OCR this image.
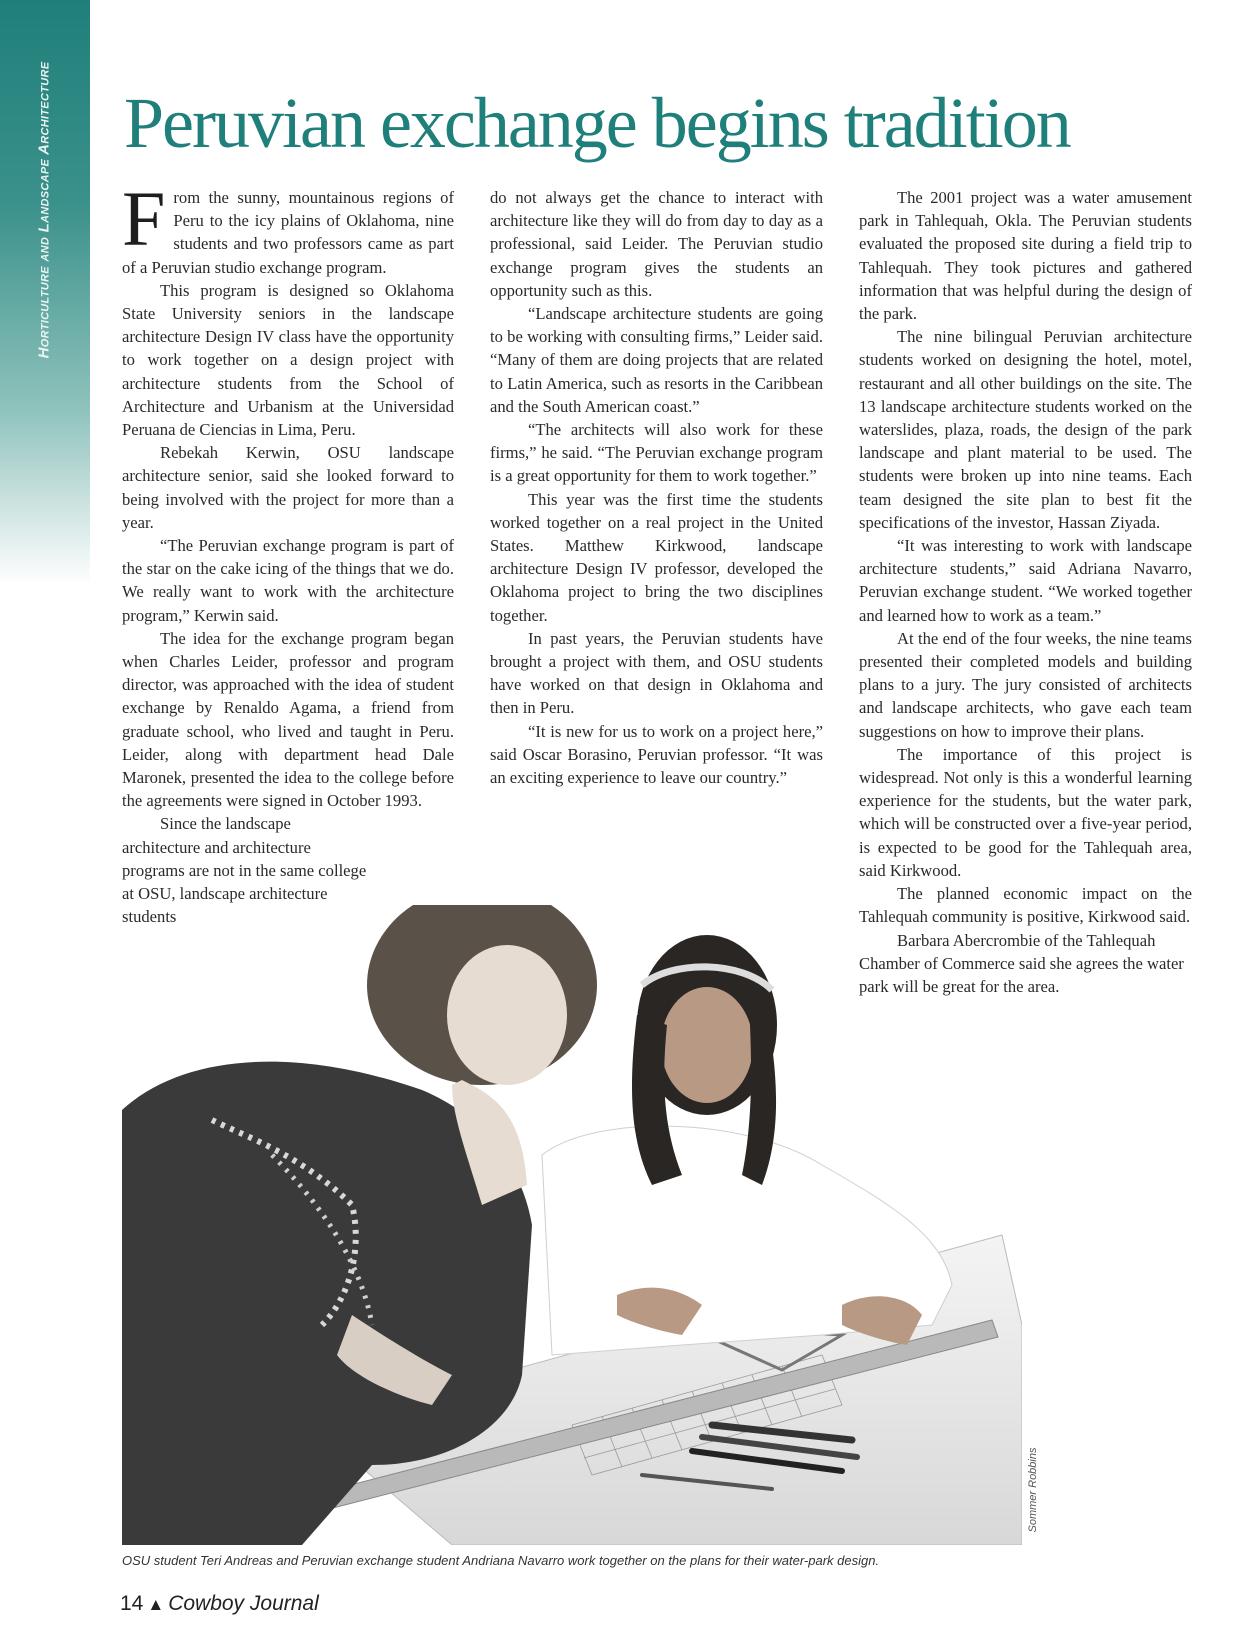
Horticulture and Landscape Architecture Peruvian exchange begins tradition

From the sunny, mountainous regions of Peru to the icy plains of Oklahoma, nine students and two professors came as part of a Peruvian studio exchange program.

This program is designed so Oklahoma State University seniors in the landscape architecture Design IV class have the opportunity to work together on a design project with architecture students from the School of Architecture and Urbanism at the Universidad Peruana de Ciencias in Lima, Peru.

Rebekah Kerwin, OSU landscape architecture senior, said she looked forward to being involved with the project for more than a year.

“The Peruvian exchange program is part of the star on the cake icing of the things that we do. We really want to work with the architecture program,” Kerwin said.

The idea for the exchange program began when Charles Leider, professor and program director, was approached with the idea of student exchange by Renaldo Agama, a friend from graduate school, who lived and taught in Peru. Leider, along with department head Dale Maronek, presented the idea to the college before the agreements were signed in October 1993.

Since the landscape architecture and architecture programs are not in the same college at OSU, landscape architecture students

do not always get the chance to interact with architecture like they will do from day to day as a professional, said Leider. The Peruvian studio exchange program gives the students an opportunity such as this.

“Landscape architecture students are going to be working with consulting firms,” Leider said. “Many of them are doing projects that are related to Latin America, such as resorts in the Caribbean and the South American coast.”

“The architects will also work for these firms,” he said. “The Peruvian exchange program is a great opportunity for them to work together.”

This year was the first time the students worked together on a real project in the United States. Matthew Kirkwood, landscape architecture Design IV professor, developed the Oklahoma project to bring the two disciplines together.

In past years, the Peruvian students have brought a project with them, and OSU students have worked on that design in Oklahoma and then in Peru.

“It is new for us to work on a project here,” said Oscar Borasino, Peruvian professor. “It was an exciting experience to leave our country.”

The 2001 project was a water amusement park in Tahlequah, Okla. The Peruvian students evaluated the proposed site during a field trip to Tahlequah. They took pictures and gathered information that was helpful during the design of the park.

The nine bilingual Peruvian architecture students worked on designing the hotel, motel, restaurant and all other buildings on the site. The 13 landscape architecture students worked on the waterslides, plaza, roads, the design of the park landscape and plant material to be used. The students were broken up into nine teams. Each team designed the site plan to best fit the specifications of the investor, Hassan Ziyada.

“It was interesting to work with landscape architecture students,” said Adriana Navarro, Peruvian exchange student. “We worked together and learned how to work as a team.”

At the end of the four weeks, the nine teams presented their completed models and building plans to a jury. The jury consisted of architects and landscape architects, who gave each team suggestions on how to improve their plans.

The importance of this project is widespread. Not only is this a wonderful learning experience for the students, but the water park, which will be constructed over a five-year period, is expected to be good for the Tahlequah area, said Kirkwood.

The planned economic impact on the Tahlequah community is positive, Kirkwood said.

Barbara Abercrombie of the Tahlequah Chamber of Commerce said she agrees the water park will be great for the area.

Sommer Robbins
OSU student Teri Andreas and Peruvian exchange student Andriana Navarro work together on the plans for their water-park design.
14 ▲ Cowboy Journal
